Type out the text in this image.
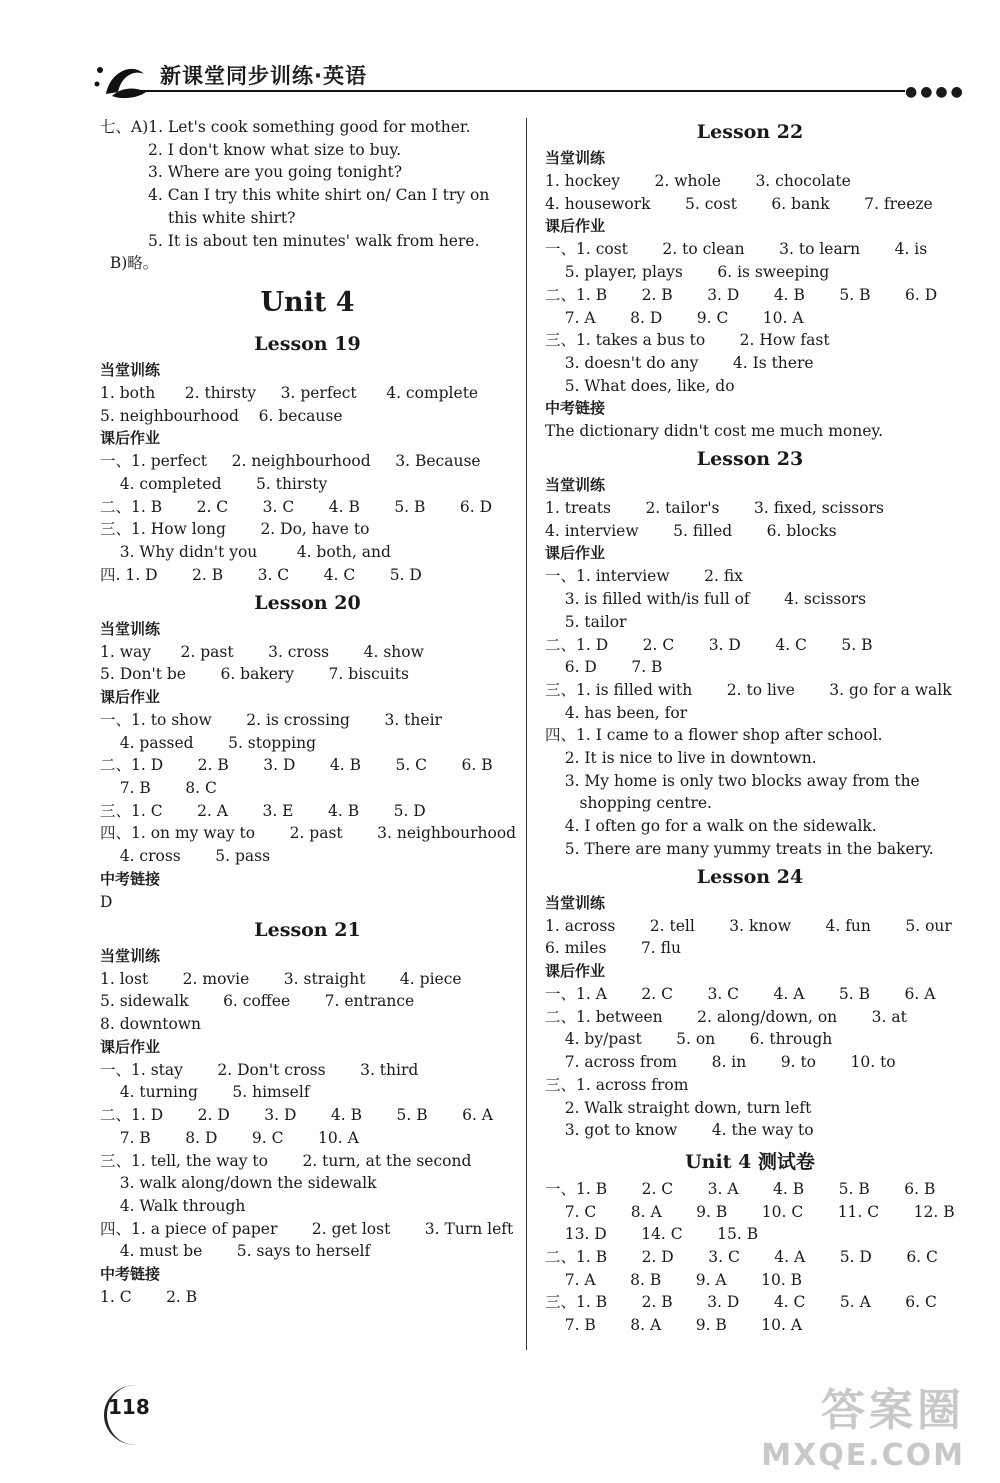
新课堂同步训练·英语
●●●●
七、A)1. Let's cook something good for mother.
2. I don't know what size to buy.
3. Where are you going tonight?
4. Can I try this white shirt on/ Can I try on
this white shirt?
5. It is about ten minutes' walk from here.
B)略。
Unit 4
Lesson 19
当堂训练
1. both      2. thirsty     3. perfect      4. complete
5. neighbourhood    6. because
课后作业
一、1. perfect     2. neighbourhood     3. Because
4. completed       5. thirsty
二、1. B       2. C       3. C       4. B       5. B       6. D
三、1. How long       2. Do, have to
3. Why didn't you        4. both, and
四. 1. D       2. B       3. C       4. C       5. D
Lesson 20
当堂训练
1. way      2. past       3. cross       4. show
5. Don't be       6. bakery       7. biscuits
课后作业
一、1. to show       2. is crossing       3. their
4. passed       5. stopping
二、1. D       2. B       3. D       4. B       5. C       6. B
7. B       8. C
三、1. C       2. A       3. E       4. B       5. D
四、1. on my way to       2. past       3. neighbourhood
4. cross       5. pass
中考链接
D
Lesson 21
当堂训练
1. lost       2. movie       3. straight       4. piece
5. sidewalk       6. coffee       7. entrance
8. downtown
课后作业
一、1. stay       2. Don't cross       3. third
4. turning       5. himself
二、1. D       2. D       3. D       4. B       5. B       6. A
7. B       8. D       9. C       10. A
三、1. tell, the way to       2. turn, at the second
3. walk along/down the sidewalk
4. Walk through
四、1. a piece of paper       2. get lost       3. Turn left
4. must be       5. says to herself
中考链接
1. C       2. B
Lesson 22
当堂训练
1. hockey       2. whole       3. chocolate
4. housework       5. cost       6. bank       7. freeze
课后作业
一、1. cost       2. to clean       3. to learn       4. is
5. player, plays       6. is sweeping
二、1. B       2. B       3. D       4. B       5. B       6. D
7. A       8. D       9. C       10. A
三、1. takes a bus to       2. How fast
3. doesn't do any       4. Is there
5. What does, like, do
中考链接
The dictionary didn't cost me much money.
Lesson 23
当堂训练
1. treats       2. tailor's       3. fixed, scissors
4. interview       5. filled       6. blocks
课后作业
一、1. interview       2. fix
3. is filled with/is full of       4. scissors
5. tailor
二、1. D       2. C       3. D       4. C       5. B
6. D       7. B
三、1. is filled with       2. to live       3. go for a walk
4. has been, for
四、1. I came to a flower shop after school.
2. It is nice to live in downtown.
3. My home is only two blocks away from the
shopping centre.
4. I often go for a walk on the sidewalk.
5. There are many yummy treats in the bakery.
Lesson 24
当堂训练
1. across       2. tell       3. know       4. fun       5. our
6. miles       7. flu
课后作业
一、1. A       2. C       3. C       4. A       5. B       6. A
二、1. between       2. along/down, on       3. at
4. by/past       5. on       6. through
7. across from       8. in       9. to       10. to
三、1. across from
2. Walk straight down, turn left
3. got to know       4. the way to
Unit 4 测试卷
一、1. B       2. C       3. A       4. B       5. B       6. B
7. C       8. A       9. B       10. C       11. C       12. B
13. D       14. C       15. B
二、1. B       2. D       3. C       4. A       5. D       6. C
7. A       8. B       9. A       10. B
三、1. B       2. B       3. D       4. C       5. A       6. C
7. B       8. A       9. B       10. A
118	答案圈
MXQE.COM
